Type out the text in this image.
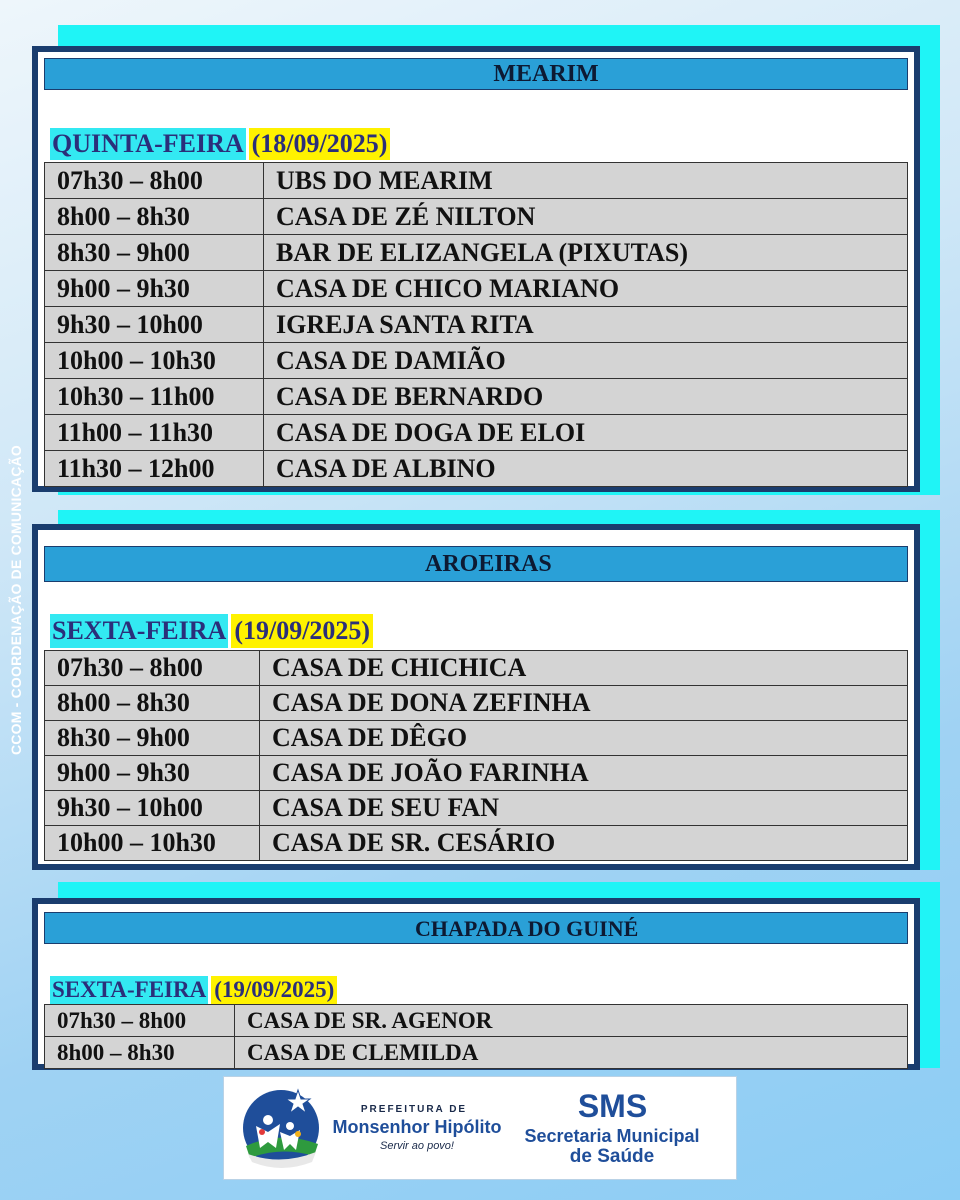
CCOM - COORDENAÇÃO DE COMUNICAÇÃO
MEARIM
QUINTA-FEIRA (18/09/2025)
07h30 – 8h00	UBS DO MEARIM
8h00 – 8h30	CASA DE ZÉ NILTON
8h30 – 9h00	BAR DE ELIZANGELA (PIXUTAS)
9h00 – 9h30	CASA DE CHICO MARIANO
9h30 – 10h00	IGREJA SANTA RITA
10h00 – 10h30	CASA DE DAMIÃO
10h30 – 11h00	CASA DE BERNARDO
11h00 – 11h30	CASA DE DOGA DE ELOI
11h30 – 12h00	CASA DE ALBINO
AROEIRAS
SEXTA-FEIRA (19/09/2025)
07h30 – 8h00	CASA DE CHICHICA
8h00 – 8h30	CASA DE DONA ZEFINHA
8h30 – 9h00	CASA DE DÊGO
9h00 – 9h30	CASA DE JOÃO FARINHA
9h30 – 10h00	CASA DE SEU FAN
10h00 – 10h30	CASA DE SR. CESÁRIO
CHAPADA DO GUINÉ
SEXTA-FEIRA (19/09/2025)
07h30 – 8h00	CASA DE SR. AGENOR
8h00 – 8h30	CASA DE CLEMILDA
PREFEITURA DE
Monsenhor Hipólito
Servir ao povo!
SMS
Secretaria Municipal
de Saúde
